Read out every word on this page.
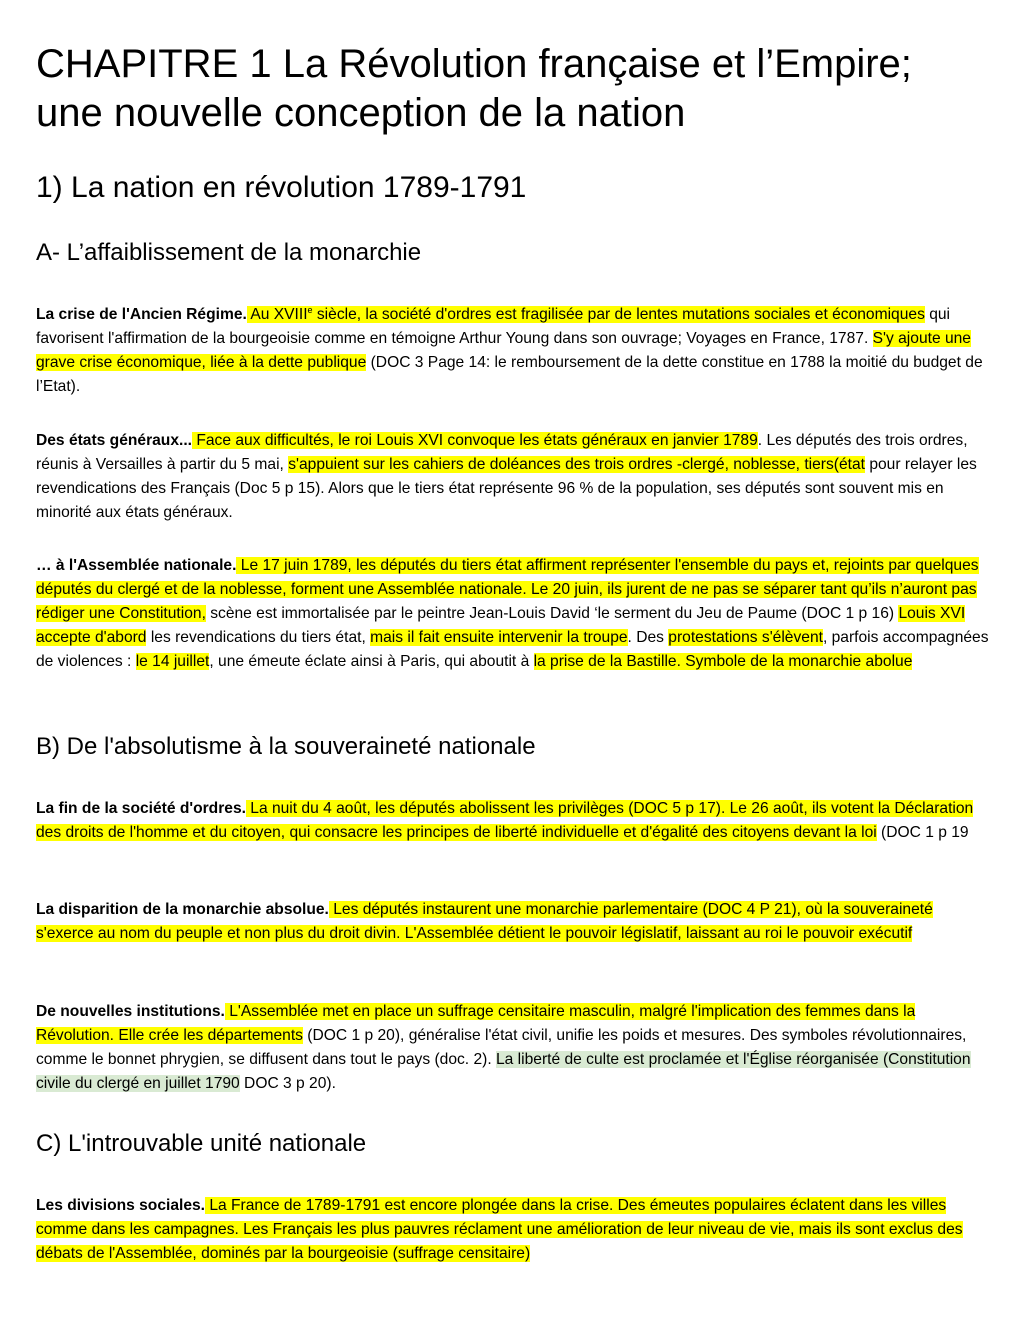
CHAPITRE 1 La Révolution française et l’Empire; une nouvelle conception de la nation
1) La nation en révolution 1789-1791
A- L’affaiblissement de la monarchie

La crise de l'Ancien Régime. Au XVIIIe siècle, la société d'ordres est fragilisée par de lentes mutations sociales et économiques qui favorisent l'affirmation de la bourgeoisie comme en témoigne Arthur Young dans son ouvrage; Voyages en France, 1787. S'y ajoute une grave crise économique, liée à la dette publique (DOC 3 Page 14: le remboursement de la dette constitue en 1788 la moitié du budget de l’Etat).

Des états généraux... Face aux difficultés, le roi Louis XVI convoque les états généraux en janvier 1789. Les députés des trois ordres, réunis à Versailles à partir du 5 mai, s'appuient sur les cahiers de doléances des trois ordres -clergé, noblesse, tiers(état pour relayer les revendications des Français (Doc 5 p 15). Alors que le tiers état représente 96 % de la population, ses députés sont souvent mis en minorité aux états généraux.

… à l'Assemblée nationale. Le 17 juin 1789, les députés du tiers état affirment représenter l'ensemble du pays et, rejoints par quelques députés du clergé et de la noblesse, forment une Assemblée nationale. Le 20 juin, ils jurent de ne pas se séparer tant qu’ils n’auront pas rédiger une Constitution, scène est immortalisée par le peintre Jean-Louis David ‘le serment du Jeu de Paume (DOC 1 p 16) Louis XVI accepte d'abord les revendications du tiers état, mais il fait ensuite intervenir la troupe. Des protestations s'élèvent, parfois accompagnées de violences : le 14 juillet, une émeute éclate ainsi à Paris, qui aboutit à la prise de la Bastille. Symbole de la monarchie abolue

B) De l'absolutisme à la souveraineté nationale

La fin de la société d'ordres. La nuit du 4 août, les députés abolissent les privilèges (DOC 5 p 17). Le 26 août, ils votent la Déclaration des droits de l'homme et du citoyen, qui consacre les principes de liberté individuelle et d'égalité des citoyens devant la loi (DOC 1 p 19

La disparition de la monarchie absolue. Les députés instaurent une monarchie parlementaire (DOC 4 P 21), où la souveraineté s'exerce au nom du peuple et non plus du droit divin. L'Assemblée détient le pouvoir législatif, laissant au roi le pouvoir exécutif

De nouvelles institutions. L'Assemblée met en place un suffrage censitaire masculin, malgré l'implication des femmes dans la Révolution. Elle crée les départements (DOC 1 p 20), généralise l'état civil, unifie les poids et mesures. Des symboles révolutionnaires, comme le bonnet phrygien, se diffusent dans tout le pays (doc. 2). La liberté de culte est proclamée et l'Église réorganisée (Constitution civile du clergé en juillet 1790 DOC 3 p 20).

C) L'introuvable unité nationale

Les divisions sociales. La France de 1789‑1791 est encore plongée dans la crise. Des émeutes populaires éclatent dans les villes comme dans les campagnes. Les Français les plus pauvres réclament une amélioration de leur niveau de vie, mais ils sont exclus des débats de l'Assemblée, dominés par la bourgeoisie (suffrage censitaire)
